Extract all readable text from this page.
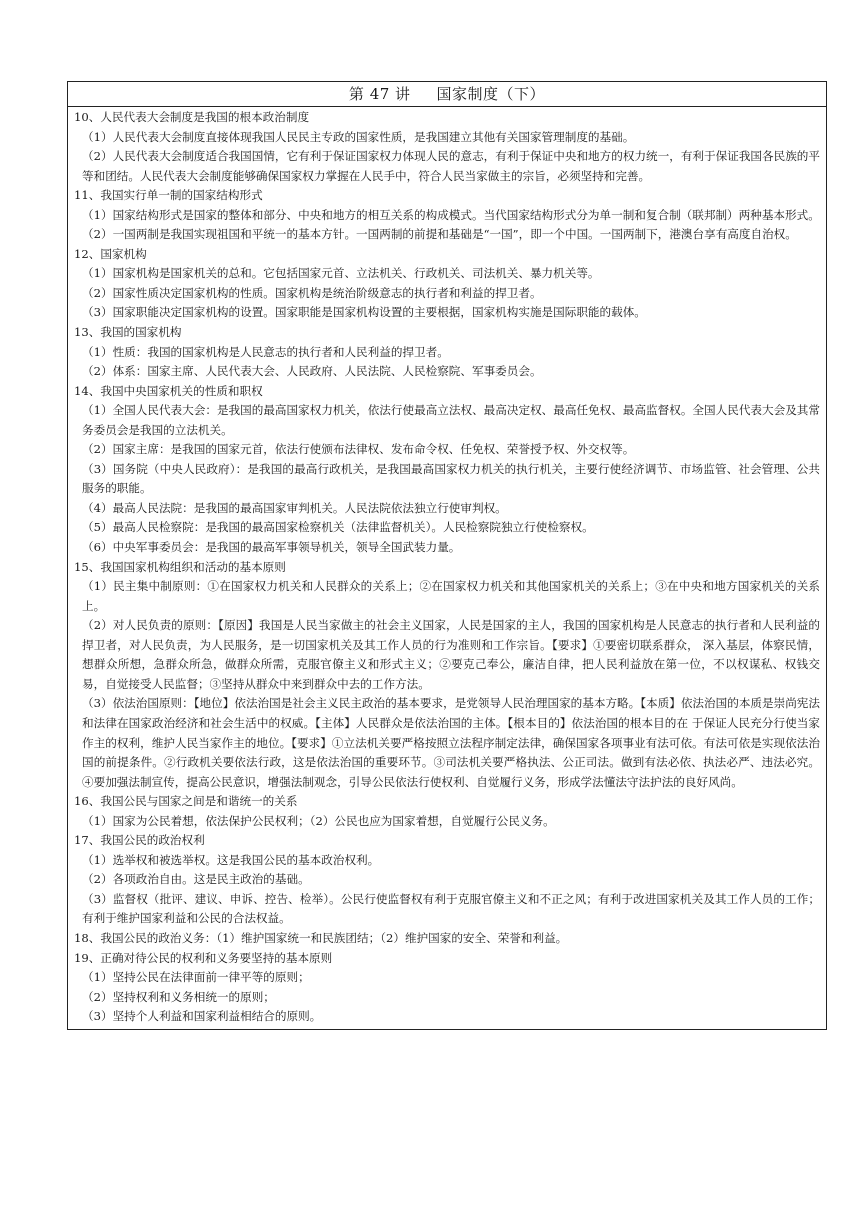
第 47 讲 国家制度（下）

10、人民代表大会制度是我国的根本政治制度

（1）人民代表大会制度直接体现我国人民民主专政的国家性质，是我国建立其他有关国家管理制度的基础。

（2）人民代表大会制度适合我国国情，它有利于保证国家权力体现人民的意志，有利于保证中央和地方的权力统一，有利于保证我国各民族的平等和团结。人民代表大会制度能够确保国家权力掌握在人民手中，符合人民当家做主的宗旨，必须坚持和完善。

11、我国实行单一制的国家结构形式

（1）国家结构形式是国家的整体和部分、中央和地方的相互关系的构成模式。当代国家结构形式分为单一制和复合制（联邦制）两种基本形式。

（2）一国两制是我国实现祖国和平统一的基本方针。一国两制的前提和基础是“一国”，即一个中国。一国两制下，港澳台享有高度自治权。

12、国家机构

（1）国家机构是国家机关的总和。它包括国家元首、立法机关、行政机关、司法机关、暴力机关等。

（2）国家性质决定国家机构的性质。国家机构是统治阶级意志的执行者和利益的捍卫者。

（3）国家职能决定国家机构的设置。国家职能是国家机构设置的主要根据，国家机构实施是国际职能的载体。

13、我国的国家机构

（1）性质：我国的国家机构是人民意志的执行者和人民利益的捍卫者。

（2）体系：国家主席、人民代表大会、人民政府、人民法院、人民检察院、军事委员会。

14、我国中央国家机关的性质和职权

（1）全国人民代表大会：是我国的最高国家权力机关，依法行使最高立法权、最高决定权、最高任免权、最高监督权。全国人民代表大会及其常务委员会是我国的立法机关。

（2）国家主席：是我国的国家元首，依法行使颁布法律权、发布命令权、任免权、荣誉授予权、外交权等。

（3）国务院（中央人民政府）：是我国的最高行政机关，是我国最高国家权力机关的执行机关，主要行使经济调节、市场监管、社会管理、公共服务的职能。

（4）最高人民法院：是我国的最高国家审判机关。人民法院依法独立行使审判权。

（5）最高人民检察院：是我国的最高国家检察机关（法律监督机关）。人民检察院独立行使检察权。

（6）中央军事委员会：是我国的最高军事领导机关，领导全国武装力量。

15、我国国家机构组织和活动的基本原则

（1）民主集中制原则：①在国家权力机关和人民群众的关系上；②在国家权力机关和其他国家机关的关系上；③在中央和地方国家机关的关系上。

（2）对人民负责的原则：【原因】我国是人民当家做主的社会主义国家，人民是国家的主人，我国的国家机构是人民意志的执行者和人民利益的捍卫者，对人民负责，为人民服务，是一切国家机关及其工作人员的行为准则和工作宗旨。【要求】①要密切联系群众， 深入基层，体察民情，想群众所想，急群众所急，做群众所需，克服官僚主义和形式主义；②要克己奉公，廉洁自律，把人民利益放在第一位，不以权谋私、权钱交易，自觉接受人民监督；③坚持从群众中来到群众中去的工作方法。

（3）依法治国原则：【地位】依法治国是社会主义民主政治的基本要求，是党领导人民治理国家的基本方略。【本质】依法治国的本质是崇尚宪法和法律在国家政治经济和社会生活中的权威。【主体】人民群众是依法治国的主体。【根本目的】依法治国的根本目的在 于保证人民充分行使当家作主的权利，维护人民当家作主的地位。【要求】①立法机关要严格按照立法程序制定法律，确保国家各项事业有法可依。有法可依是实现依法治国的前提条件。②行政机关要依法行政，这是依法治国的重要环节。③司法机关要严格执法、公正司法。做到有法必依、执法必严、违法必究。④要加强法制宣传，提高公民意识，增强法制观念，引导公民依法行使权利、自觉履行义务，形成学法懂法守法护法的良好风尚。

16、我国公民与国家之间是和谐统一的关系

（1）国家为公民着想，依法保护公民权利；（2）公民也应为国家着想，自觉履行公民义务。

17、我国公民的政治权利

（1）选举权和被选举权。这是我国公民的基本政治权利。

（2）各项政治自由。这是民主政治的基础。

（3）监督权（批评、建议、申诉、控告、检举）。公民行使监督权有利于克服官僚主义和不正之风；有利于改进国家机关及其工作人员的工作；有利于维护国家利益和公民的合法权益。

18、我国公民的政治义务：（1）维护国家统一和民族团结；（2）维护国家的安全、荣誉和利益。

19、正确对待公民的权利和义务要坚持的基本原则

（1）坚持公民在法律面前一律平等的原则；

（2）坚持权利和义务相统一的原则；

（3）坚持个人利益和国家利益相结合的原则。
